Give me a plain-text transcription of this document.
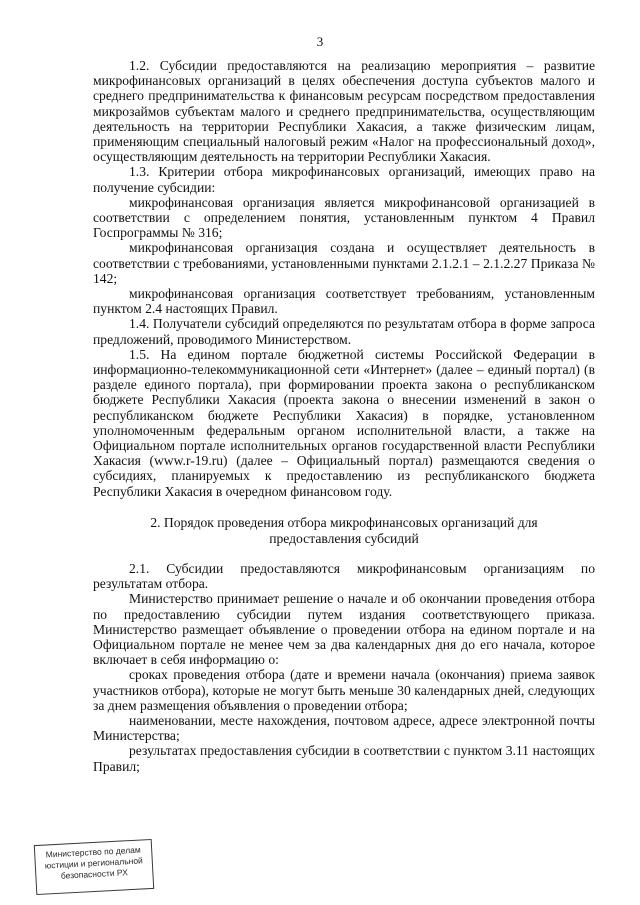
3

1.2. Субсидии предоставляются на реализацию мероприятия – развитие микрофинансовых организаций в целях обеспечения доступа субъектов малого и среднего предпринимательства к финансовым ресурсам посредством предоставления микрозаймов субъектам малого и среднего предпринимательства, осуществляющим деятельность на территории Республики Хакасия, а также физическим лицам, применяющим специальный налоговый режим «Налог на профессиональный доход», осуществляющим деятельность на территории Республики Хакасия.

1.3. Критерии отбора микрофинансовых организаций, имеющих право на получение субсидии:

микрофинансовая организация является микрофинансовой организацией в соответствии с определением понятия, установленным пунктом 4 Правил Госпрограммы № 316;

микрофинансовая организация создана и осуществляет деятельность в соответствии с требованиями, установленными пунктами 2.1.2.1 – 2.1.2.27 Приказа № 142;

микрофинансовая организация соответствует требованиям, установленным пунктом 2.4 настоящих Правил.

1.4. Получатели субсидий определяются по результатам отбора в форме запроса предложений, проводимого Министерством.

1.5. На едином портале бюджетной системы Российской Федерации в информационно-телекоммуникационной сети «Интернет» (далее – единый портал) (в разделе единого портала), при формировании проекта закона о республиканском бюджете Республики Хакасия (проекта закона о внесении изменений в закон о республиканском бюджете Республики Хакасия) в порядке, установленном уполномоченным федеральным органом исполнительной власти, а также на Официальном портале исполнительных органов государственной власти Республики Хакасия (www.r-19.ru) (далее – Официальный портал) размещаются сведения о субсидиях, планируемых к предоставлению из республиканского бюджета Республики Хакасия в очередном финансовом году.

2. Порядок проведения отбора микрофинансовых организаций для
предоставления субсидий

2.1. Субсидии предоставляются микрофинансовым организациям по результатам отбора.

Министерство принимает решение о начале и об окончании проведения отбора по предоставлению субсидии путем издания соответствующего приказа. Министерство размещает объявление о проведении отбора на едином портале и на Официальном портале не менее чем за два календарных дня до его начала, которое включает в себя информацию о:

сроках проведения отбора (дате и времени начала (окончания) приема заявок участников отбора), которые не могут быть меньше 30 календарных дней, следующих за днем размещения объявления о проведении отбора;

наименовании, месте нахождения, почтовом адресе, адресе электронной почты Министерства;

результатах предоставления субсидии в соответствии с пунктом 3.11 настоящих Правил;

Министерство по делам
юстиции и региональной
безопасности РХ
